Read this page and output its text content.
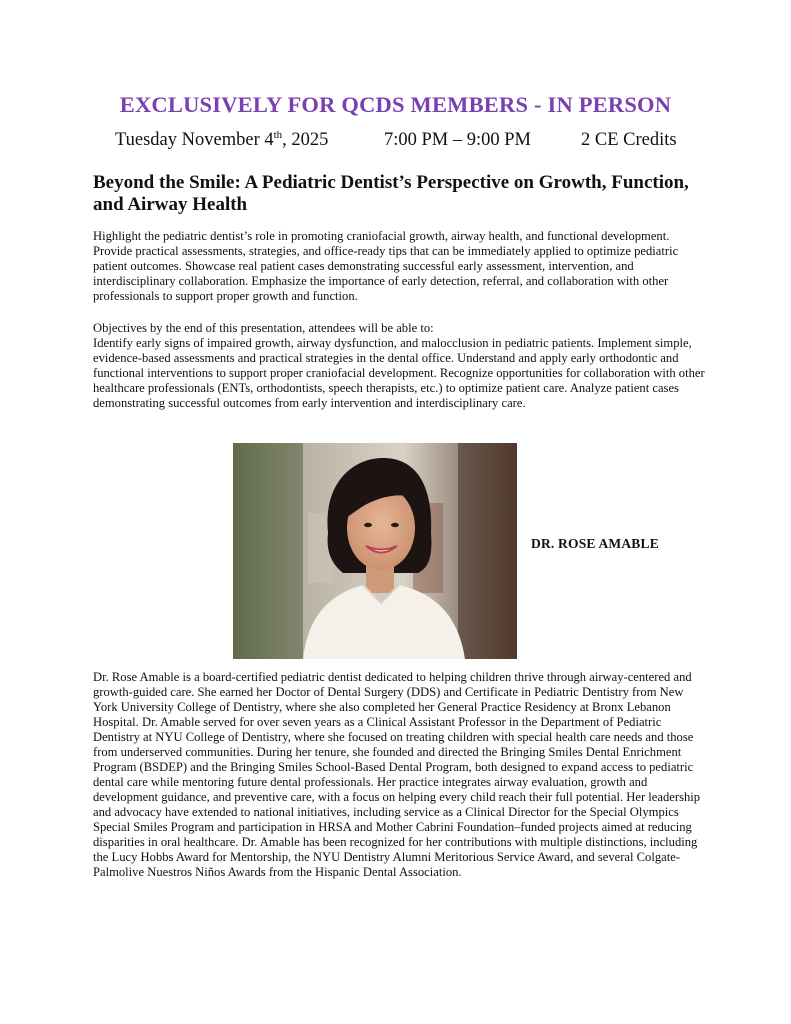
EXCLUSIVELY FOR QCDS MEMBERS - IN PERSON
Tuesday November 4th, 2025	7:00 PM – 9:00 PM	2 CE Credits
Beyond the Smile: A Pediatric Dentist’s Perspective on Growth, Function, and Airway Health

Highlight the pediatric dentist’s role in promoting craniofacial growth, airway health, and functional development. Provide practical assessments, strategies, and office-ready tips that can be immediately applied to optimize pediatric patient outcomes. Showcase real patient cases demonstrating successful early assessment, intervention, and interdisciplinary collaboration. Emphasize the importance of early detection, referral, and collaboration with other professionals to support proper growth and function.

Objectives by the end of this presentation, attendees will be able to:

Identify early signs of impaired growth, airway dysfunction, and malocclusion in pediatric patients. Implement simple, evidence-based assessments and practical strategies in the dental office. Understand and apply early orthodontic and functional interventions to support proper craniofacial development. Recognize opportunities for collaboration with other healthcare professionals (ENTs, orthodontists, speech therapists, etc.) to optimize patient care. Analyze patient cases demonstrating successful outcomes from early intervention and interdisciplinary care.

DR. ROSE AMABLE

Dr. Rose Amable is a board-certified pediatric dentist dedicated to helping children thrive through airway-centered and growth-guided care. She earned her Doctor of Dental Surgery (DDS) and Certificate in Pediatric Dentistry from New York University College of Dentistry, where she also completed her General Practice Residency at Bronx Lebanon Hospital. Dr. Amable served for over seven years as a Clinical Assistant Professor in the Department of Pediatric Dentistry at NYU College of Dentistry, where she focused on treating children with special health care needs and those from underserved communities. During her tenure, she founded and directed the Bringing Smiles Dental Enrichment Program (BSDEP) and the Bringing Smiles School-Based Dental Program, both designed to expand access to pediatric dental care while mentoring future dental professionals. Her practice integrates airway evaluation, growth and development guidance, and preventive care, with a focus on helping every child reach their full potential. Her leadership and advocacy have extended to national initiatives, including service as a Clinical Director for the Special Olympics Special Smiles Program and participation in HRSA and Mother Cabrini Foundation–funded projects aimed at reducing disparities in oral healthcare. Dr. Amable has been recognized for her contributions with multiple distinctions, including the Lucy Hobbs Award for Mentorship, the NYU Dentistry Alumni Meritorious Service Award, and several Colgate-Palmolive Nuestros Niños Awards from the Hispanic Dental Association.
